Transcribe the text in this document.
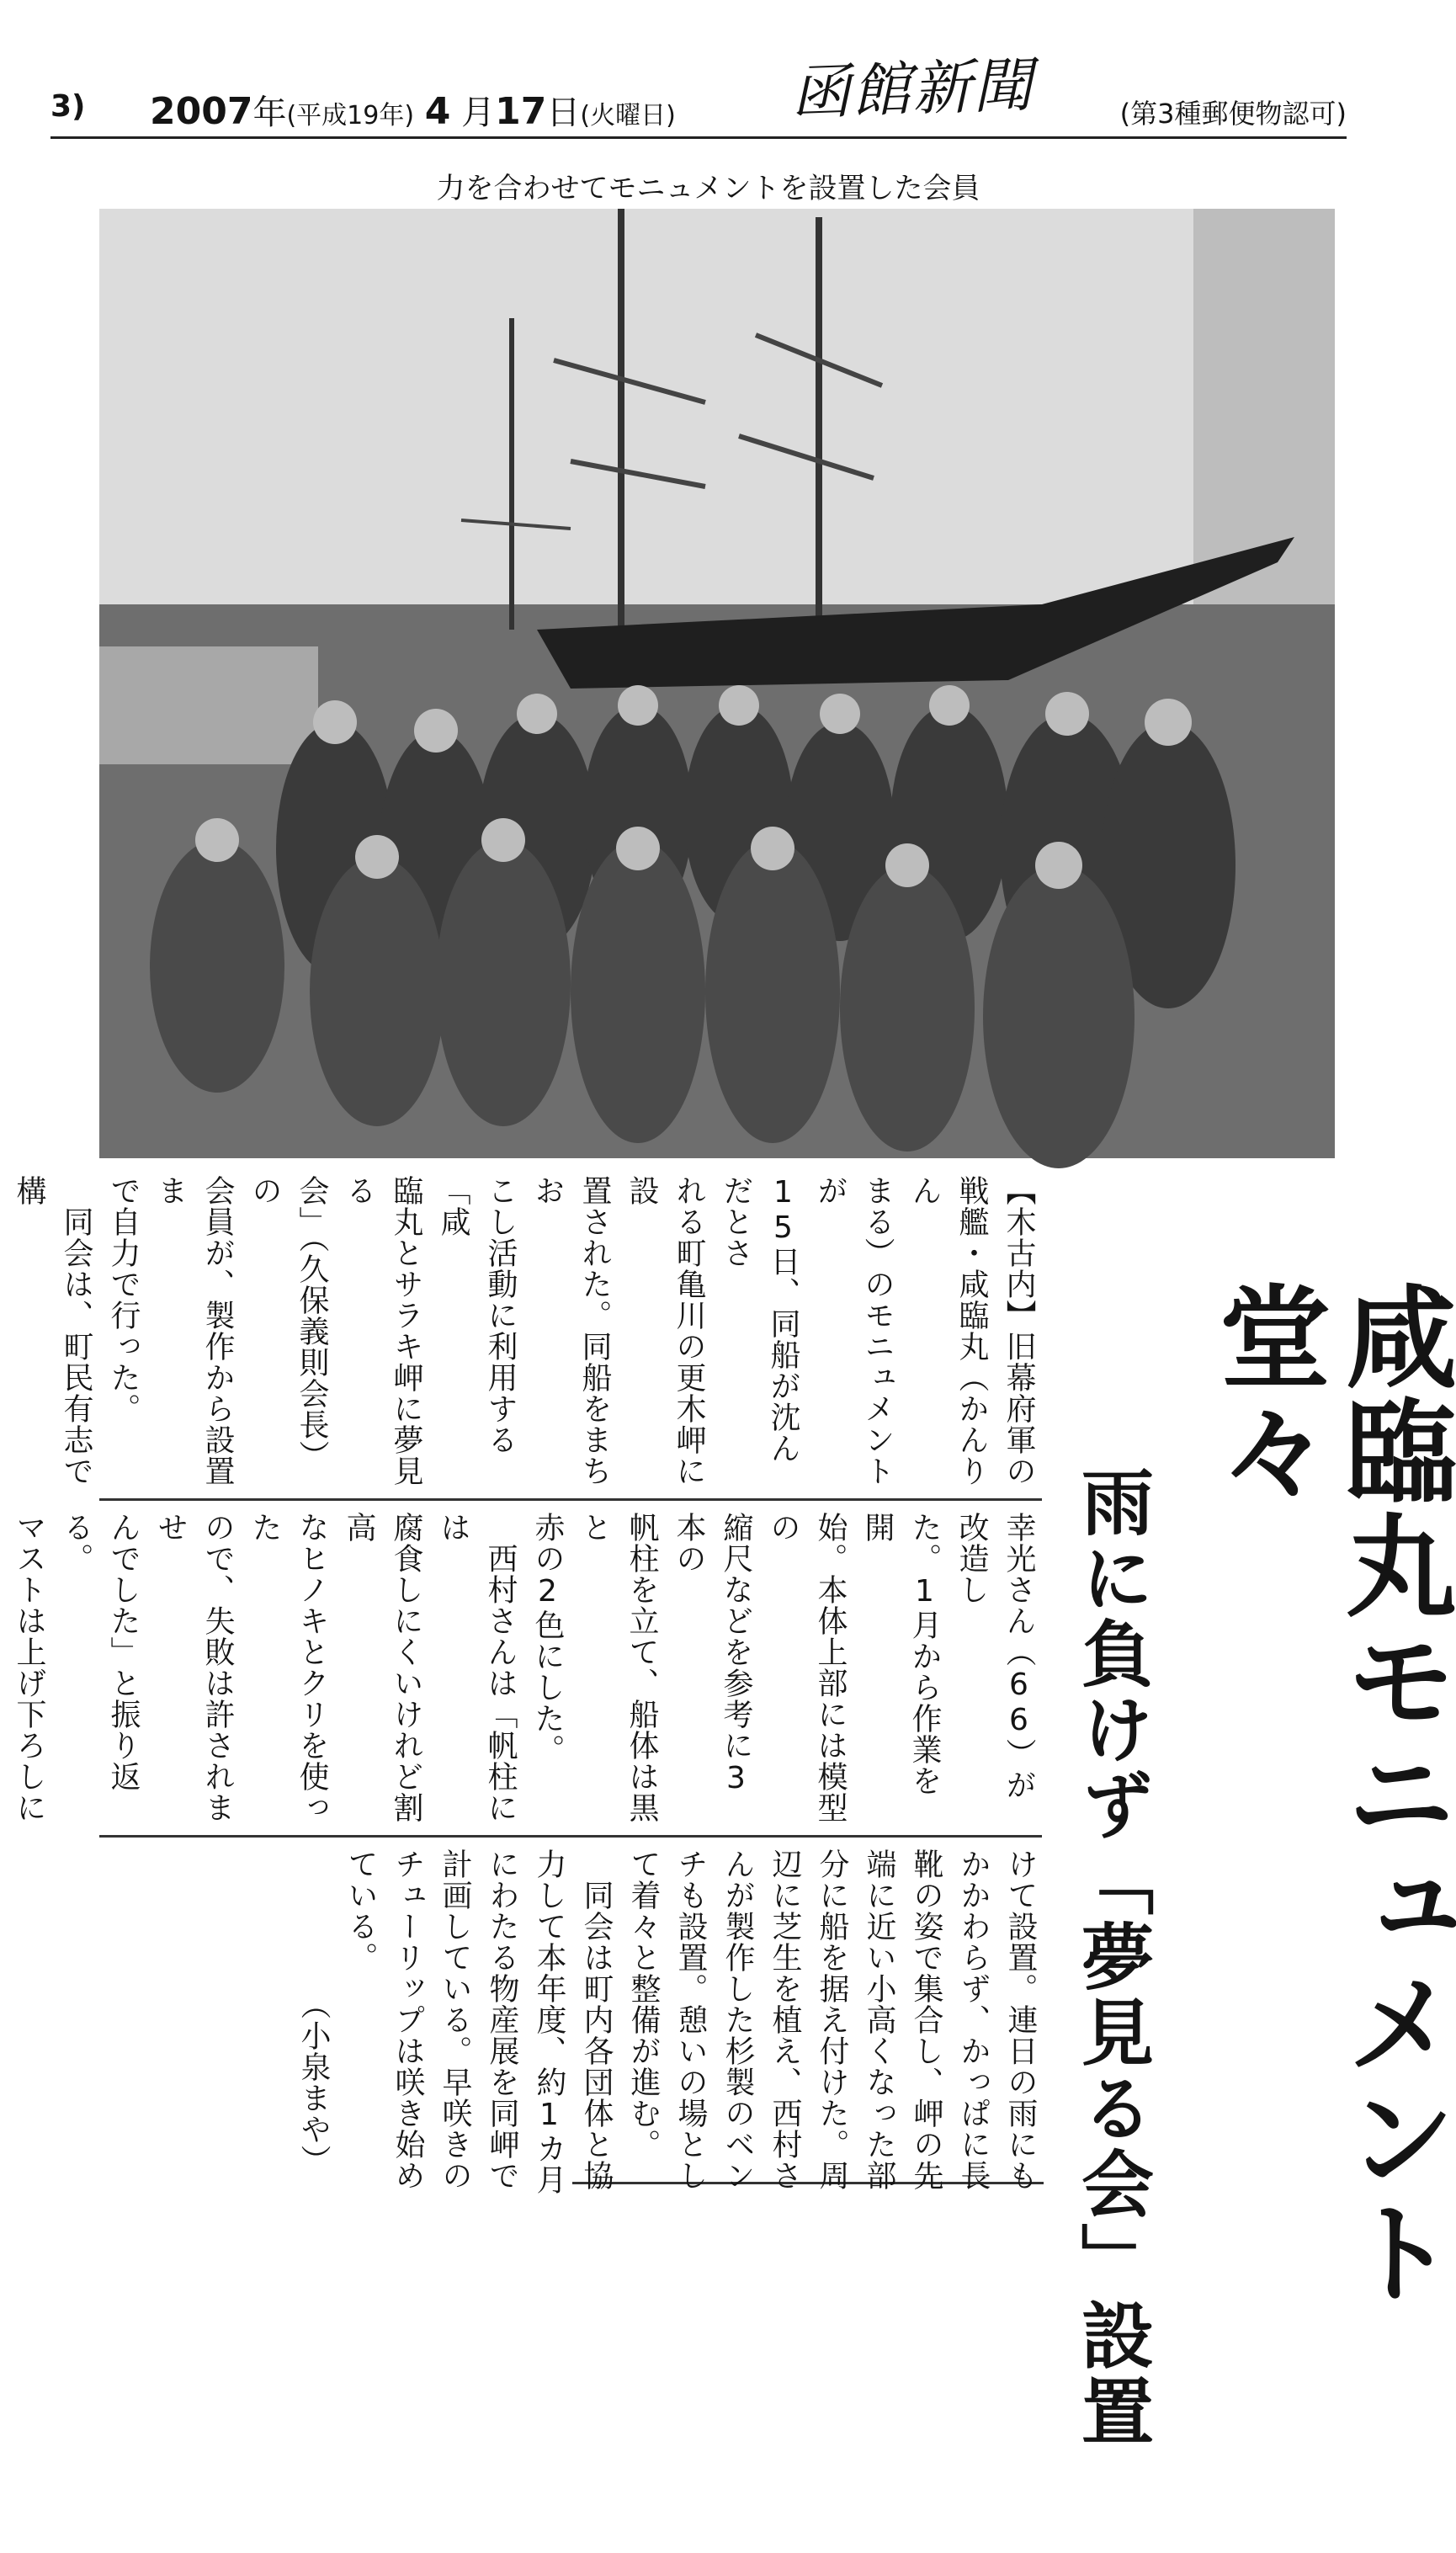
3) 2007年(平成19年) 4 月17日(火曜日) 函館新聞	(第3種郵便物認可)
力を合わせてモニュメントを設置した会員
咸臨丸モニュメント堂々
雨に負けず「夢見る会」設置
【木古内】旧幕府軍の
戦艦・咸臨丸（かんりん
まる）のモニュメントが
15日、同船が沈んだとさ
れる町亀川の更木岬に設
置された。同船をまちお
こし活動に利用する「咸
臨丸とサラキ岬に夢見る
会」（久保義則会長）の
会員が、製作から設置ま
で自力で行った。
　同会は、町民有志で構
幸光さん（66）が改造し
た。1月から作業を開
始。本体上部には模型の
縮尺などを参考に3本の
帆柱を立て、船体は黒と
赤の2色にした。
　西村さんは「帆柱には
腐食しにくいけれど割高
なヒノキとクリを使った
ので、失敗は許されませ
んでした」と振り返る。
マストは上げ下ろしに
けて設置。連日の雨にも
かかわらず、かっぱに長
靴の姿で集合し、岬の先
端に近い小高くなった部
分に船を据え付けた。周
辺に芝生を植え、西村さ
んが製作した杉製のベン
チも設置。憩いの場とし
て着々と整備が進む。
　同会は町内各団体と協
力して本年度、約1カ月
にわたる物産展を同岬で
計画している。早咲きの
チューリップは咲き始め
ている。
　　　　　（小泉まや）
